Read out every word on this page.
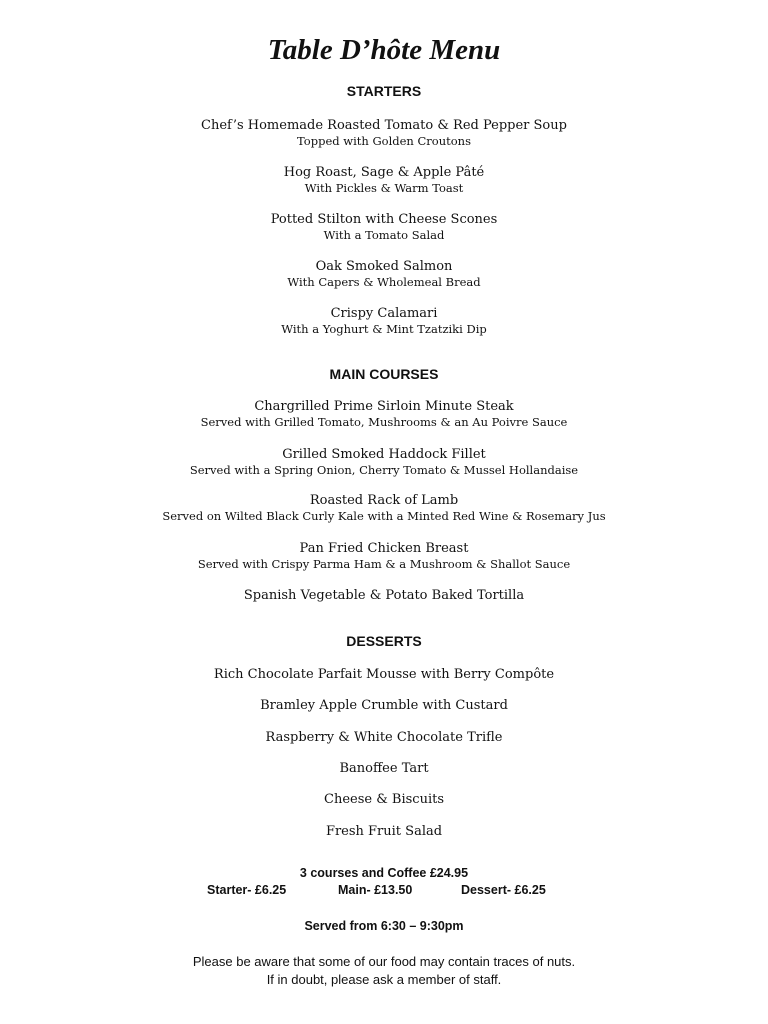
Table D’hôte Menu
STARTERS
Chef’s Homemade Roasted Tomato & Red Pepper Soup
Topped with Golden Croutons
Hog Roast, Sage & Apple Pâté
With Pickles & Warm Toast
Potted Stilton with Cheese Scones
With a Tomato Salad
Oak Smoked Salmon
With Capers & Wholemeal Bread
Crispy Calamari
With a Yoghurt & Mint Tzatziki Dip
MAIN COURSES
Chargrilled Prime Sirloin Minute Steak
Served with Grilled Tomato, Mushrooms & an Au Poivre Sauce
Grilled Smoked Haddock Fillet
Served with a Spring Onion, Cherry Tomato & Mussel Hollandaise
Roasted Rack of Lamb
Served on Wilted Black Curly Kale with a Minted Red Wine & Rosemary Jus
Pan Fried Chicken Breast
Served with Crispy Parma Ham & a Mushroom & Shallot Sauce
Spanish Vegetable & Potato Baked Tortilla
DESSERTS
Rich Chocolate Parfait Mousse with Berry Compôte
Bramley Apple Crumble with Custard
Raspberry & White Chocolate Trifle
Banoffee Tart
Cheese & Biscuits
Fresh Fruit Salad
3 courses and Coffee £24.95
Starter- £6.25	Main- £13.50	Dessert- £6.25
Served from 6:30 – 9:30pm
Please be aware that some of our food may contain traces of nuts.
If in doubt, please ask a member of staff.
